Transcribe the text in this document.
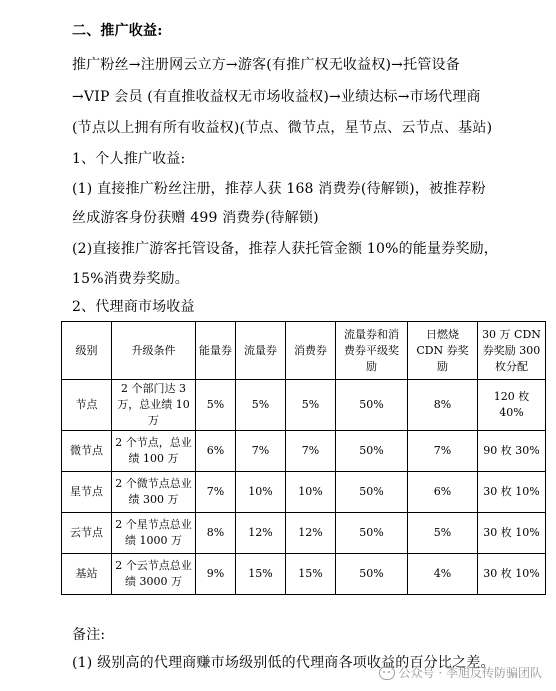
二、推广收益:
推广粉丝→注册网云立方→游客(有推广权无收益权)→托管设备
→VIP 会员 (有直推收益权无市场收益权)→业绩达标→市场代理商
(节点以上拥有所有收益权)(节点、微节点，星节点、云节点、基站)
1、个人推广收益:
(1) 直接推广粉丝注册，推荐人获 168 消费券(待解锁)，被推荐粉
丝成游客身份获赠 499 消费券(待解锁)
(2)直接推广游客托管设备，推荐人获托管金额 10%的能量券奖励，
15%消费券奖励。
2、代理商市场收益
级别	升级条件	能量券	流量券	消费券	流量券和消费券平级奖励	日燃烧 CDN 券奖励	30 万 CDN 券奖励 300 枚分配
节点	2 个部门达 3 万，总业绩 10 万	5%	5%	5%	50%	8%	120 枚 40%
微节点	2 个节点，总业绩 100 万	6%	7%	7%	50%	7%	90 枚 30%
星节点	2 个微节点总业绩 300 万	7%	10%	10%	50%	6%	30 枚 10%
云节点	2 个星节点总业绩 1000 万	8%	12%	12%	50%	5%	30 枚 10%
基站	2 个云节点总业绩 3000 万	9%	15%	15%	50%	4%	30 枚 10%
备注:
(1) 级别高的代理商赚市场级别低的代理商各项收益的百分比之差。
公众号 · 李旭反传防骗团队
